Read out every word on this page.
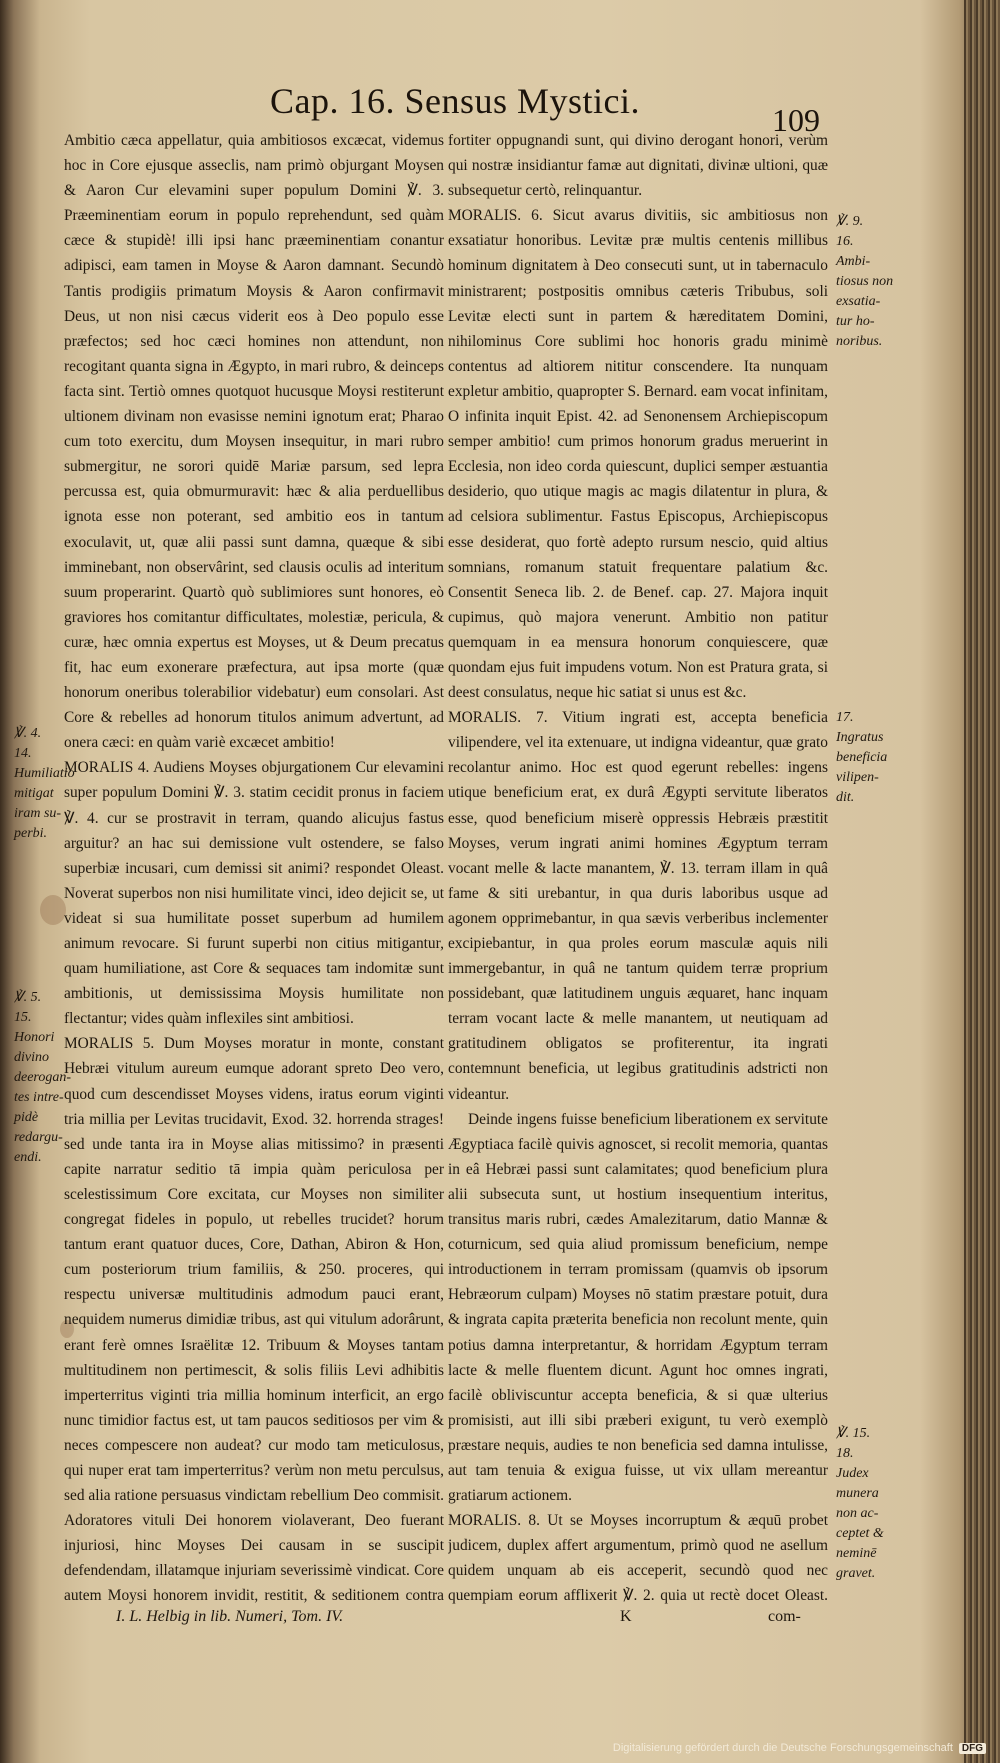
Cap. 16. Sensus Mystici.	109

Ambitio cæca appellatur, quia ambitiosos excæcat, videmus hoc in Core ejusque asseclis, nam primò objurgant Moysen & Aaron Cur elevamini super populum Domini ℣. 3. Præeminentiam eorum in populo reprehendunt, sed quàm cæce & stupidè! illi ipsi hanc præeminentiam conantur adipisci, eam tamen in Moyse & Aaron damnant. Secundò Tantis prodigiis primatum Moysis & Aaron confirmavit Deus, ut non nisi cæcus viderit eos à Deo populo esse præfectos; sed hoc cæci homines non attendunt, non recogitant quanta signa in Ægypto, in mari rubro, & deinceps facta sint. Tertiò omnes quotquot hucusque Moysi restiterunt ultionem divinam non evasisse nemini ignotum erat; Pharao cum toto exercitu, dum Moysen insequitur, in mari rubro submergitur, ne sorori quidē Mariæ parsum, sed lepra percussa est, quia obmurmuravit: hæc & alia perduellibus ignota esse non poterant, sed ambitio eos in tantum exoculavit, ut, quæ alii passi sunt damna, quæque & sibi imminebant, non observârint, sed clausis oculis ad interitum suum properarint. Quartò quò sublimiores sunt honores, eò graviores hos comitantur difficultates, molestiæ, pericula, & curæ, hæc omnia expertus est Moyses, ut & Deum precatus fit, hac eum exonerare præfectura, aut ipsa morte (quæ honorum oneribus tolerabilior videbatur) eum consolari. Ast Core & rebelles ad honorum titulos animum advertunt, ad onera cæci: en quàm variè excæcet ambitio!

MORALIS 4. Audiens Moyses objurgationem Cur elevamini super populum Domini ℣. 3. statim cecidit pronus in faciem ℣. 4. cur se prostravit in terram, quando alicujus fastus arguitur? an hac sui demissione vult ostendere, se falso superbiæ incusari, cum demissi sit animi? respondet Oleast. Noverat superbos non nisi humilitate vinci, ideo dejicit se, ut videat si sua humilitate posset superbum ad humilem animum revocare. Si furunt superbi non citius mitigantur, quam humiliatione, ast Core & sequaces tam indomitæ sunt ambitionis, ut demississima Moysis humilitate non flectantur; vides quàm inflexiles sint ambitiosi.

MORALIS 5. Dum Moyses moratur in monte, constant Hebræi vitulum aureum eumque adorant spreto Deo vero, quod cum descendisset Moyses videns, iratus eorum viginti tria millia per Levitas trucidavit, Exod. 32. horrenda strages! sed unde tanta ira in Moyse alias mitissimo? in præsenti capite narratur seditio tā impia quàm periculosa per scelestissimum Core excitata, cur Moyses non similiter congregat fideles in populo, ut rebelles trucidet? horum tantum erant quatuor duces, Core, Dathan, Abiron & Hon, cum posteriorum trium familiis, & 250. proceres, qui respectu universæ multitudinis admodum pauci erant, nequidem numerus dimidiæ tribus, ast qui vitulum adorârunt, erant ferè omnes Israëlitæ 12. Tribuum & Moyses tantam multitudinem non pertimescit, & solis filiis Levi adhibitis imperterritus viginti tria millia hominum interficit, an ergo nunc timidior factus est, ut tam paucos seditiosos per vim & neces compescere non audeat? cur modo tam meticulosus, qui nuper erat tam imperterritus? verùm non metu perculsus, sed alia ratione persuasus vindictam rebellium Deo commisit. Adoratores vituli Dei honorem violaverant, Deo fuerant injuriosi, hinc Moyses Dei causam in se suscipit defendendam, illatamque injuriam severissimè vindicat. Core autem Moysi honorem invidit, restitit, & seditionem contra

fortiter oppugnandi sunt, qui divino derogant honori, verùm qui nostræ insidiantur famæ aut dignitati, divinæ ultioni, quæ subsequetur certò, relinquantur.

MORALIS. 6. Sicut avarus divitiis, sic ambitiosus non exsatiatur honoribus. Levitæ præ multis centenis millibus hominum dignitatem à Deo consecuti sunt, ut in tabernaculo ministrarent; postpositis omnibus cæteris Tribubus, soli Levitæ electi sunt in partem & hæreditatem Domini, nihilominus Core sublimi hoc honoris gradu minimè contentus ad altiorem nititur conscendere. Ita nunquam expletur ambitio, quapropter S. Bernard. eam vocat infinitam, O infinita inquit Epist. 42. ad Senonensem Archiepiscopum semper ambitio! cum primos honorum gradus meruerint in Ecclesia, non ideo corda quiescunt, duplici semper æstuantia desiderio, quo utique magis ac magis dilatentur in plura, & ad celsiora sublimentur. Fastus Episcopus, Archiepiscopus esse desiderat, quo fortè adepto rursum nescio, quid altius somnians, romanum statuit frequentare palatium &c. Consentit Seneca lib. 2. de Benef. cap. 27. Majora inquit cupimus, quò majora venerunt. Ambitio non patitur quemquam in ea mensura honorum conquiescere, quæ quondam ejus fuit impudens votum. Non est Pratura grata, si deest consulatus, neque hic satiat si unus est &c.

MORALIS. 7. Vitium ingrati est, accepta beneficia vilipendere, vel ita extenuare, ut indigna videantur, quæ grato recolantur animo. Hoc est quod egerunt rebelles: ingens utique beneficium erat, ex durâ Ægypti servitute liberatos esse, quod beneficium miserè oppressis Hebræis præstitit Moyses, verum ingrati animi homines Ægyptum terram vocant melle & lacte manantem, ℣. 13. terram illam in quâ fame & siti urebantur, in qua duris laboribus usque ad agonem opprimebantur, in qua sævis verberibus inclementer excipiebantur, in qua proles eorum masculæ aquis nili immergebantur, in quâ ne tantum quidem terræ proprium possidebant, quæ latitudinem unguis æquaret, hanc inquam terram vocant lacte & melle manantem, ut neutiquam ad gratitudinem obligatos se profiterentur, ita ingrati contemnunt beneficia, ut legibus gratitudinis adstricti non videantur.

Deinde ingens fuisse beneficium liberationem ex servitute Ægyptiaca facilè quivis agnoscet, si recolit memoria, quantas in eâ Hebræi passi sunt calamitates; quod beneficium plura alii subsecuta sunt, ut hostium insequentium interitus, transitus maris rubri, cædes Amalezitarum, datio Mannæ & coturnicum, sed quia aliud promissum beneficium, nempe introductionem in terram promissam (quamvis ob ipsorum Hebræorum culpam) Moyses nō statim præstare potuit, dura & ingrata capita præterita beneficia non recolunt mente, quin potius damna interpretantur, & horridam Ægyptum terram lacte & melle fluentem dicunt. Agunt hoc omnes ingrati, facilè obliviscuntur accepta beneficia, & si quæ ulterius promisisti, aut illi sibi præberi exigunt, tu verò exemplò præstare nequis, audies te non beneficia sed damna intulisse, aut tam tenuia & exigua fuisse, ut vix ullam mereantur gratiarum actionem.

MORALIS. 8. Ut se Moyses incorruptum & æquū probet judicem, duplex affert argumentum, primò quod ne asellum quidem unquam ab eis acceperit, secundò quod nec quempiam eorum afflixerit ℣. 2. quia ut rectè docet Oleast.

℣. 4.
14.
Humiliatio
mitigat
iram su-
perbi.
℣. 5.
15.
Honori
divino
deerogan-
tes intre-
pidè
redargu-
endi.
℣. 9.
16.
Ambi-
tiosus non
exsatia-
tur ho-
noribus.
17.
Ingratus
beneficia
vilipen-
dit.
℣. 15.
18.
Judex
munera
non ac-
ceptet &
neminē
gravet.
I. L. Helbig in lib. Numeri, Tom. IV.	K	com-
Digitalisierung gefördert durch die Deutsche Forschungsgemeinschaft DFG
